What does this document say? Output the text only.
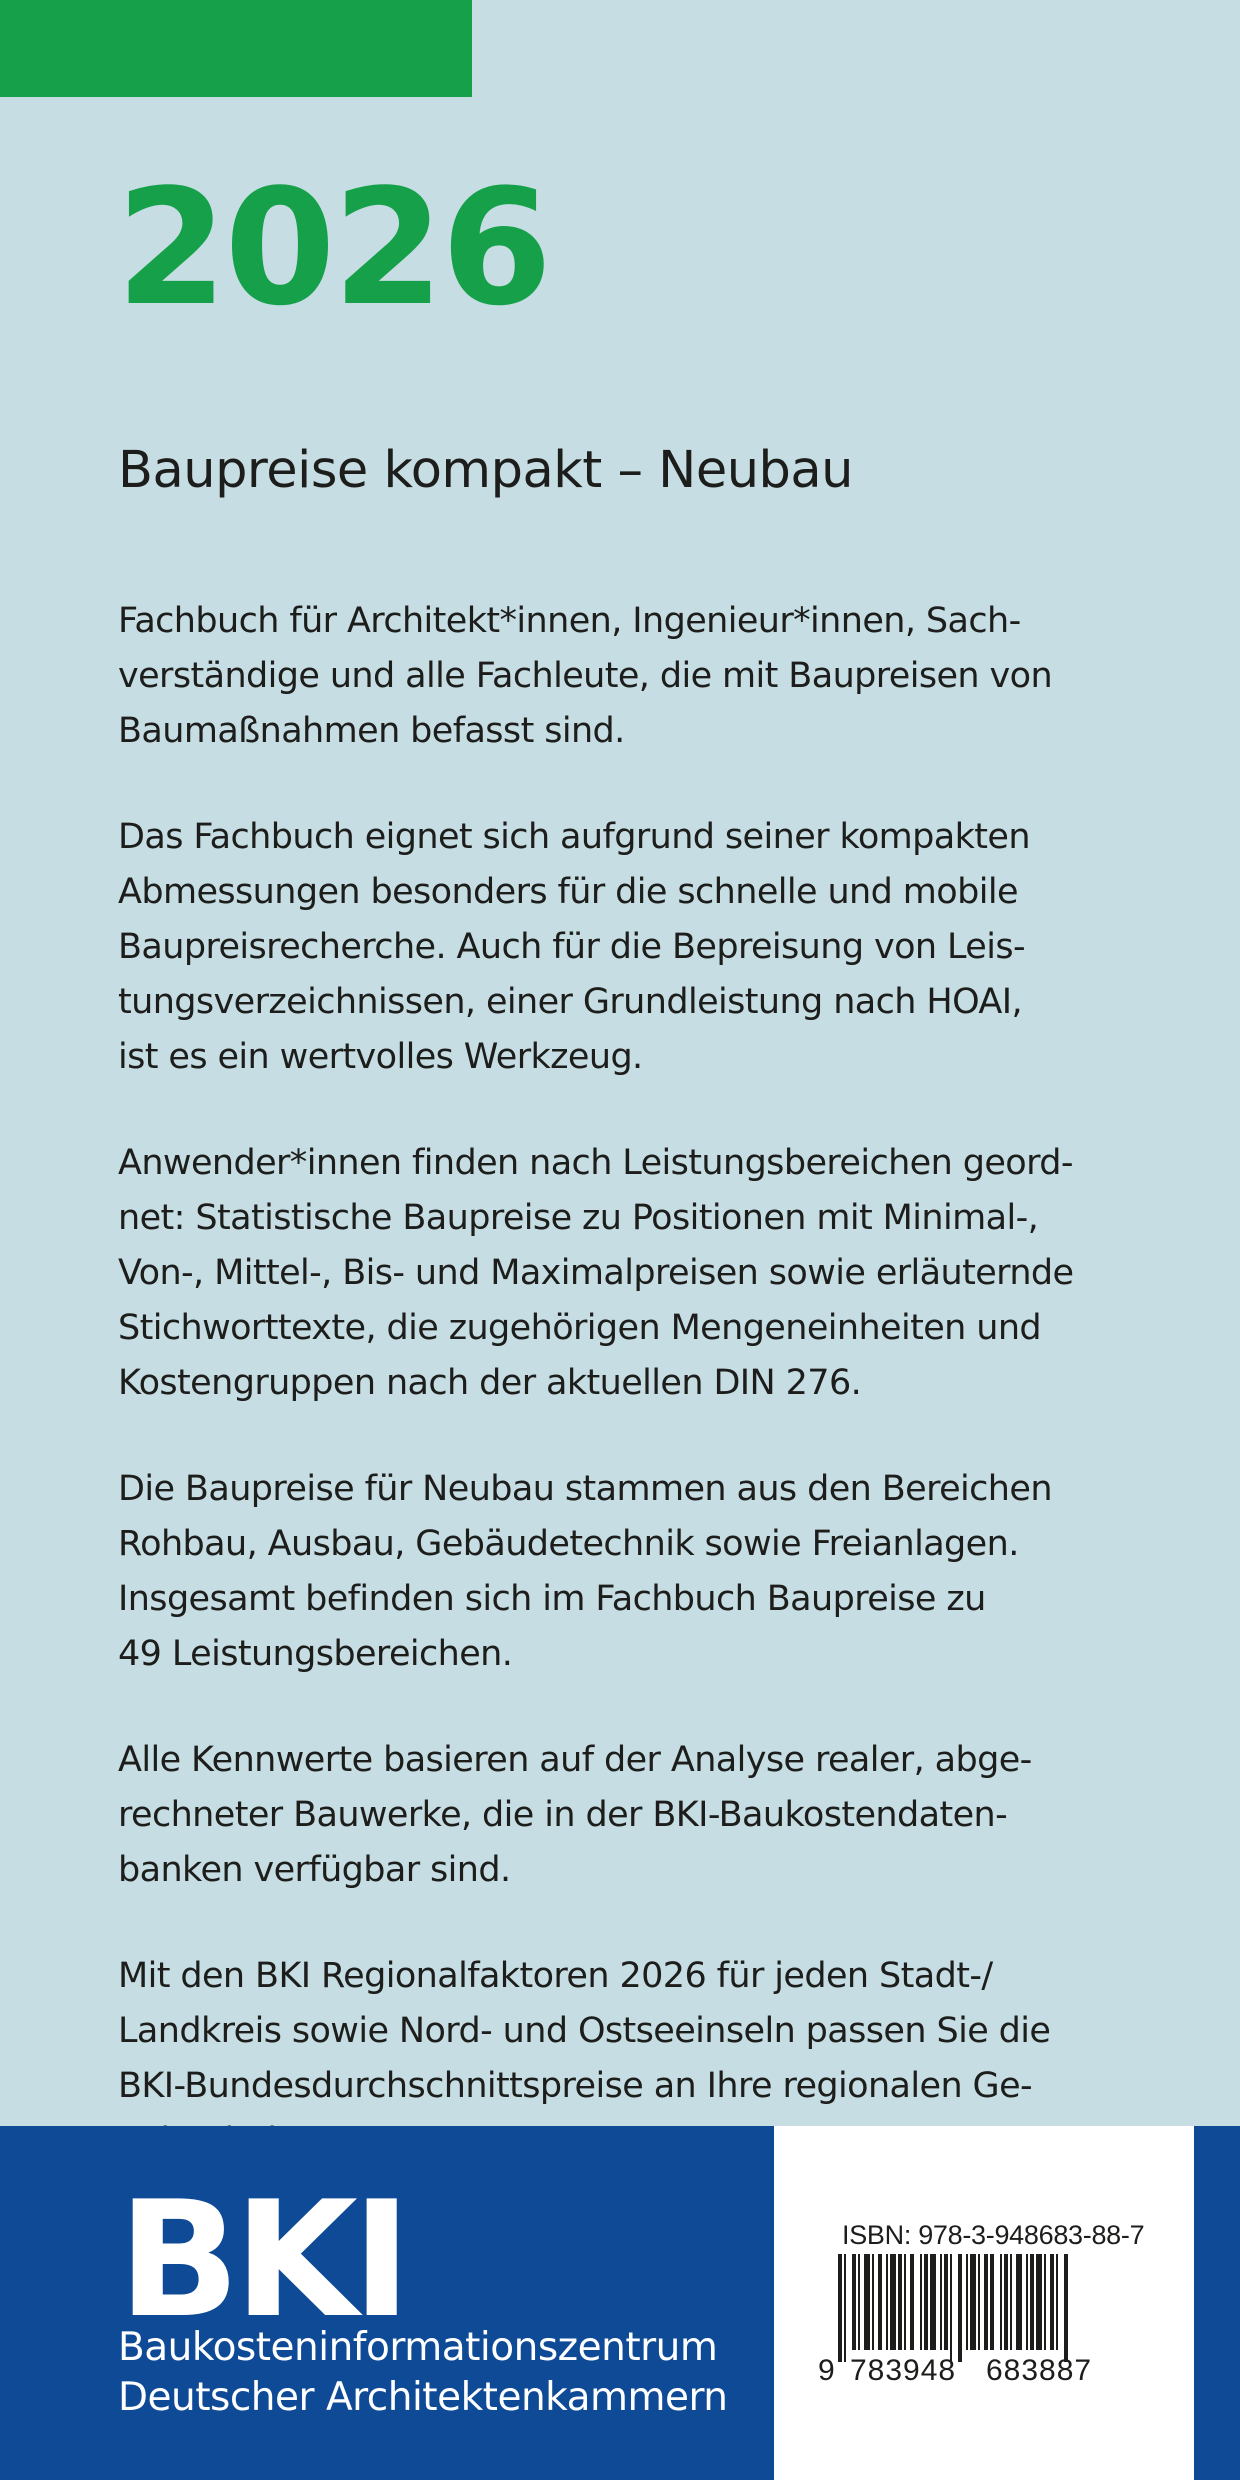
2026
Baupreise kompakt – Neubau
Fachbuch für Architekt*innen, Ingenieur*innen, Sach-
verständige und alle Fachleute, die mit Baupreisen von
Baumaßnahmen befasst sind.
Das Fachbuch eignet sich aufgrund seiner kompakten
Abmessungen besonders für die schnelle und mobile
Baupreisrecherche. Auch für die Bepreisung von Leis-
tungsverzeichnissen, einer Grundleistung nach HOAI,
ist es ein wertvolles Werkzeug.
Anwender*innen finden nach Leistungsbereichen geord-
net: Statistische Baupreise zu Positionen mit Minimal-,
Von-, Mittel-, Bis- und Maximalpreisen sowie erläuternde
Stichworttexte, die zugehörigen Mengeneinheiten und
Kostengruppen nach der aktuellen DIN 276.
Die Baupreise für Neubau stammen aus den Bereichen
Rohbau, Ausbau, Gebäudetechnik sowie Freianlagen.
Insgesamt befinden sich im Fachbuch Baupreise zu
49 Leistungsbereichen.
Alle Kennwerte basieren auf der Analyse realer, abge-
rechneter Bauwerke, die in der BKI-Baukostendaten-
banken verfügbar sind.
Mit den BKI Regionalfaktoren 2026 für jeden Stadt-/
Landkreis sowie Nord- und Ostseeinseln passen Sie die
BKI-Bundesdurchschnittspreise an Ihre regionalen Ge-
BKI
Baukosteninformationszentrum
Deutscher Architektenkammern
ISBN: 978-3-948683-88-7
9 783948 683887
